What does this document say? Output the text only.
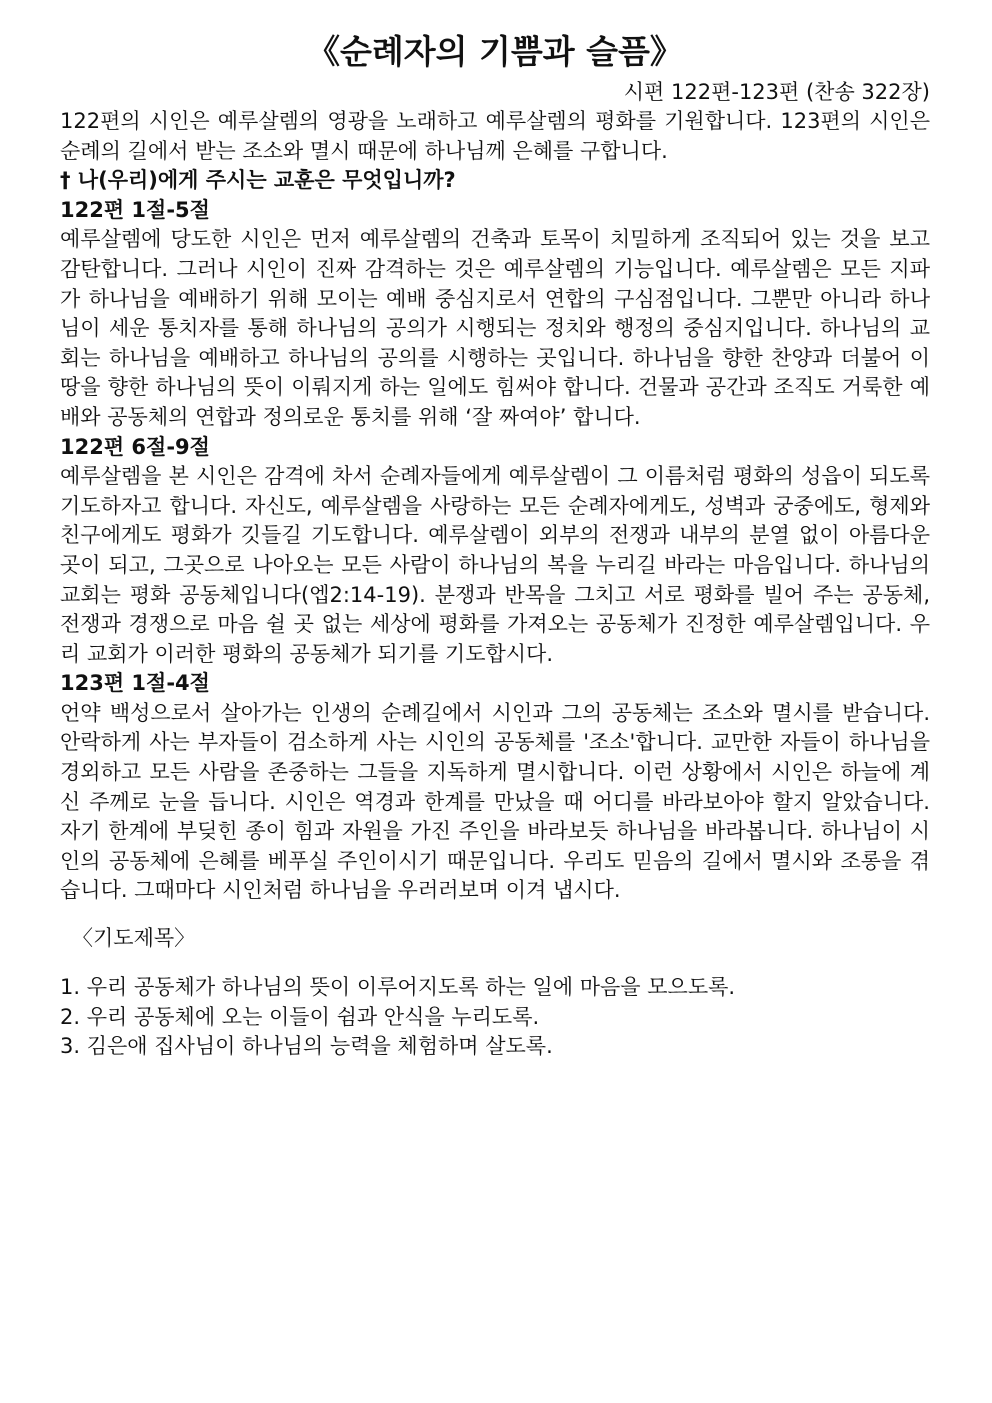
《순례자의 기쁨과 슬픔》

시편 122편-123편 (찬송 322장)

122편의 시인은 예루살렘의 영광을 노래하고 예루살렘의 평화를 기원합니다. 123편의 시인은 순례의 길에서 받는 조소와 멸시 때문에 하나님께 은혜를 구합니다.

† 나(우리)에게 주시는 교훈은 무엇입니까?

122편 1절-5절

예루살렘에 당도한 시인은 먼저 예루살렘의 건축과 토목이 치밀하게 조직되어 있는 것을 보고 감탄합니다. 그러나 시인이 진짜 감격하는 것은 예루살렘의 기능입니다. 예루살렘은 모든 지파가 하나님을 예배하기 위해 모이는 예배 중심지로서 연합의 구심점입니다. 그뿐만 아니라 하나님이 세운 통치자를 통해 하나님의 공의가 시행되는 정치와 행정의 중심지입니다. 하나님의 교회는 하나님을 예배하고 하나님의 공의를 시행하는 곳입니다. 하나님을 향한 찬양과 더불어 이 땅을 향한 하나님의 뜻이 이뤄지게 하는 일에도 힘써야 합니다. 건물과 공간과 조직도 거룩한 예배와 공동체의 연합과 정의로운 통치를 위해 ‘잘 짜여야’ 합니다.

122편 6절-9절

예루살렘을 본 시인은 감격에 차서 순례자들에게 예루살렘이 그 이름처럼 평화의 성읍이 되도록 기도하자고 합니다. 자신도, 예루살렘을 사랑하는 모든 순례자에게도, 성벽과 궁중에도, 형제와 친구에게도 평화가 깃들길 기도합니다. 예루살렘이 외부의 전쟁과 내부의 분열 없이 아름다운 곳이 되고, 그곳으로 나아오는 모든 사람이 하나님의 복을 누리길 바라는 마음입니다. 하나님의 교회는 평화 공동체입니다(엡2:14-19). 분쟁과 반목을 그치고 서로 평화를 빌어 주는 공동체, 전쟁과 경쟁으로 마음 쉴 곳 없는 세상에 평화를 가져오는 공동체가 진정한 예루살렘입니다. 우리 교회가 이러한 평화의 공동체가 되기를 기도합시다.

123편 1절-4절

언약 백성으로서 살아가는 인생의 순례길에서 시인과 그의 공동체는 조소와 멸시를 받습니다. 안락하게 사는 부자들이 검소하게 사는 시인의 공동체를 '조소'합니다. 교만한 자들이 하나님을 경외하고 모든 사람을 존중하는 그들을 지독하게 멸시합니다. 이런 상황에서 시인은 하늘에 계신 주께로 눈을 듭니다. 시인은 역경과 한계를 만났을 때 어디를 바라보아야 할지 알았습니다. 자기 한계에 부딪힌 종이 힘과 자원을 가진 주인을 바라보듯 하나님을 바라봅니다. 하나님이 시인의 공동체에 은혜를 베푸실 주인이시기 때문입니다. 우리도 믿음의 길에서 멸시와 조롱을 겪습니다. 그때마다 시인처럼 하나님을 우러러보며 이겨 냅시다.

〈기도제목〉

1. 우리 공동체가 하나님의 뜻이 이루어지도록 하는 일에 마음을 모으도록.
2. 우리 공동체에 오는 이들이 쉼과 안식을 누리도록.
3. 김은애 집사님이 하나님의 능력을 체험하며 살도록.
